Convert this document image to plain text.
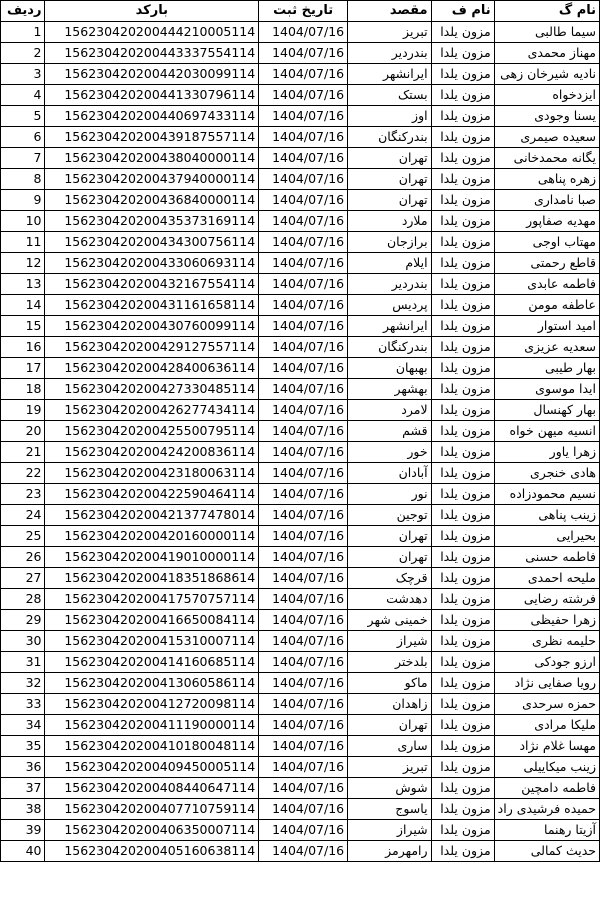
ردیف	بارکد	تاریخ ثبت	مقصد	نام ف	نام گ
1	156230420200444210005114	1404/07/16	تبریز	مزون یلدا	سیما طالبی
2	156230420200443337554114	1404/07/16	بندردیر	مزون یلدا	مهناز محمدی
3	156230420200442030099114	1404/07/16	ایرانشهر	مزون یلدا	نادیه شیرخان زهی
4	156230420200441330796114	1404/07/16	بستک	مزون یلدا	ایزدخواه
5	156230420200440697433114	1404/07/16	اوز	مزون یلدا	یسنا وجودی
6	156230420200439187557114	1404/07/16	بندرکنگان	مزون یلدا	سعیده صیمری
7	156230420200438040000114	1404/07/16	تهران	مزون یلدا	یگانه محمدخانی
8	156230420200437940000114	1404/07/16	تهران	مزون یلدا	زهره پناهی
9	156230420200436840000114	1404/07/16	تهران	مزون یلدا	صبا نامداری
10	156230420200435373169114	1404/07/16	ملارد	مزون یلدا	مهدیه صفاپور
11	156230420200434300756114	1404/07/16	برازجان	مزون یلدا	مهتاب اوجی
12	156230420200433060693114	1404/07/16	ایلام	مزون یلدا	قاطع رحمتی
13	156230420200432167554114	1404/07/16	بندردیر	مزون یلدا	فاطمه عابدی
14	156230420200431161658114	1404/07/16	پردیس	مزون یلدا	عاطفه مومن
15	156230420200430760099114	1404/07/16	ایرانشهر	مزون یلدا	امید استوار
16	156230420200429127557114	1404/07/16	بندرکنگان	مزون یلدا	سعدیه عزیزی
17	156230420200428400636114	1404/07/16	بهبهان	مزون یلدا	بهار طیبی
18	156230420200427330485114	1404/07/16	بهشهر	مزون یلدا	ایدا موسوی
19	156230420200426277434114	1404/07/16	لامرد	مزون یلدا	بهار کهنسال
20	156230420200425500795114	1404/07/16	قشم	مزون یلدا	انسیه میهن خواه
21	156230420200424200836114	1404/07/16	خور	مزون یلدا	زهرا یاور
22	156230420200423180063114	1404/07/16	آبادان	مزون یلدا	هادی خنجری
23	156230420200422590464114	1404/07/16	نور	مزون یلدا	نسیم محمودزاده
24	156230420200421377478014	1404/07/16	توجین	مزون یلدا	زینب پناهی
25	156230420200420160000114	1404/07/16	تهران	مزون یلدا	بحیرایی
26	156230420200419010000114	1404/07/16	تهران	مزون یلدا	فاطمه حسنی
27	156230420200418351868614	1404/07/16	قرچک	مزون یلدا	ملیحه احمدی
28	156230420200417570757114	1404/07/16	دهدشت	مزون یلدا	فرشته رضایی
29	156230420200416650084114	1404/07/16	خمینی شهر	مزون یلدا	زهرا حفیظی
30	156230420200415310007114	1404/07/16	شیراز	مزون یلدا	حلیمه نظری
31	156230420200414160685114	1404/07/16	بلدختر	مزون یلدا	ارزو جودکی
32	156230420200413060586114	1404/07/16	ماکو	مزون یلدا	رویا صفایی نژاد
33	156230420200412720098114	1404/07/16	زاهدان	مزون یلدا	حمزه سرحدی
34	156230420200411190000114	1404/07/16	تهران	مزون یلدا	ملیکا مرادی
35	156230420200410180048114	1404/07/16	ساری	مزون یلدا	مهسا غلام نژاد
36	156230420200409450005114	1404/07/16	تبریز	مزون یلدا	زینب میکاییلی
37	156230420200408440647114	1404/07/16	شوش	مزون یلدا	فاطمه دامچین
38	156230420200407710759114	1404/07/16	یاسوج	مزون یلدا	حمیده فرشیدی راد
39	156230420200406350007114	1404/07/16	شیراز	مزون یلدا	آزیتا رهنما
40	156230420200405160638114	1404/07/16	رامهرمز	مزون یلدا	حدیث کمالی
